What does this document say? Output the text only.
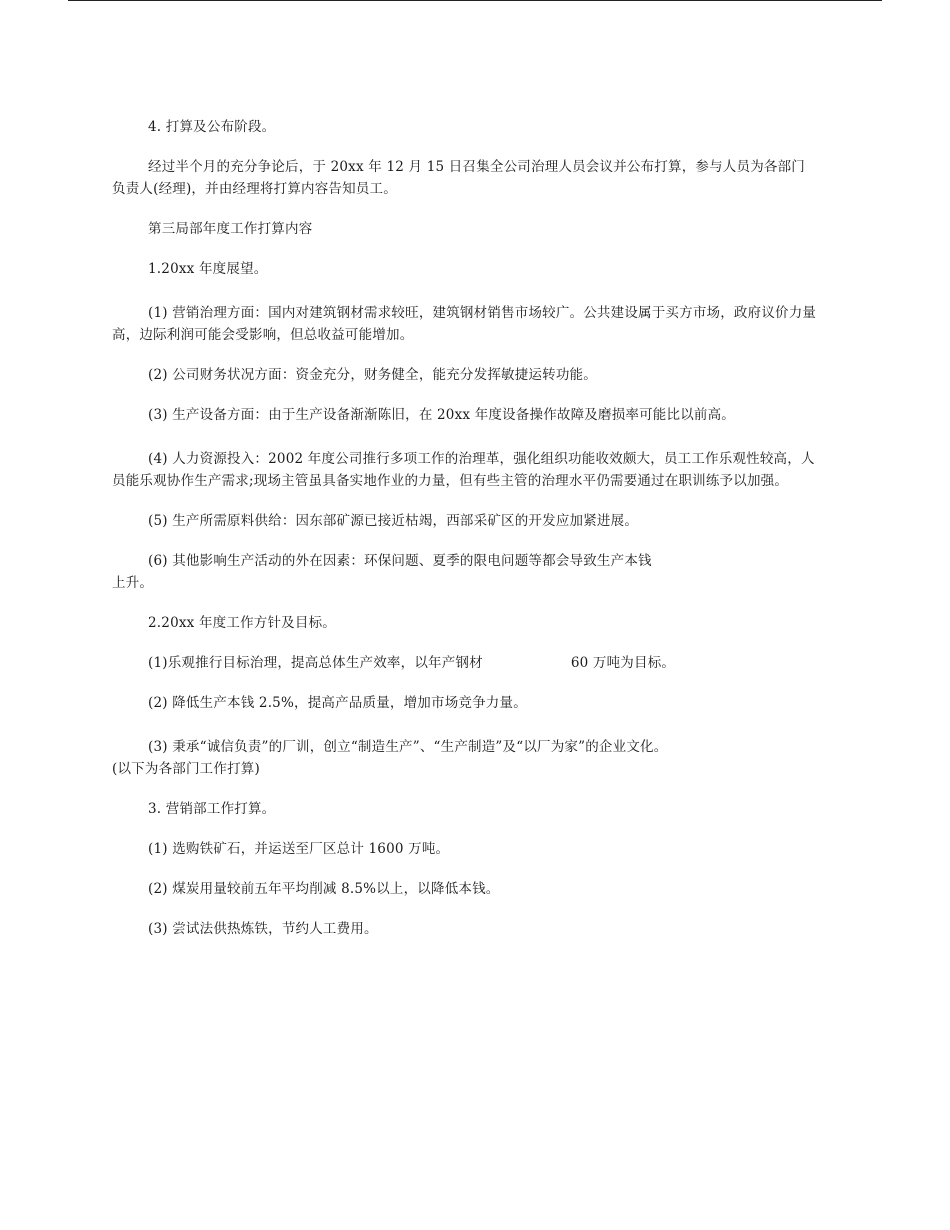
4. 打算及公布阶段。

经过半个月的充分争论后，于 20xx 年 12 月 15 日召集全公司治理人员会议并公布打算，参与人员为各部门负责人(经理)，并由经理将打算内容告知员工。

第三局部年度工作打算内容

1.20xx 年度展望。

(1) 营销治理方面：国内对建筑钢材需求较旺，建筑钢材销售市场较广。公共建设属于买方市场，政府议价力量高，边际利润可能会受影响，但总收益可能增加。

(2) 公司财务状况方面：资金充分，财务健全，能充分发挥敏捷运转功能。

(3) 生产设备方面：由于生产设备渐渐陈旧，在 20xx 年度设备操作故障及磨损率可能比以前高。

(4) 人力资源投入：2002 年度公司推行多项工作的治理革，强化组织功能收效颇大，员工工作乐观性较高，人员能乐观协作生产需求;现场主管虽具备实地作业的力量，但有些主管的治理水平仍需要通过在职训练予以加强。

(5) 生产所需原料供给：因东部矿源已接近枯竭，西部采矿区的开发应加紧进展。

(6) 其他影响生产活动的外在因素：环保问题、夏季的限电问题等都会导致生产本钱
上升。

2.20xx 年度工作方针及目标。

(1)乐观推行目标治理，提高总体生产效率，以年产钢材	60 万吨为目标。

(2) 降低生产本钱 2.5%，提高产品质量，增加市场竞争力量。

(3) 秉承“诚信负责”的厂训，创立“制造生产”、“生产制造”及“以厂为家”的企业文化。

(以下为各部门工作打算)

3. 营销部工作打算。

(1) 选购铁矿石，并运送至厂区总计 1600 万吨。

(2) 煤炭用量较前五年平均削减 8.5%以上，以降低本钱。

(3) 尝试法供热炼铁，节约人工费用。
